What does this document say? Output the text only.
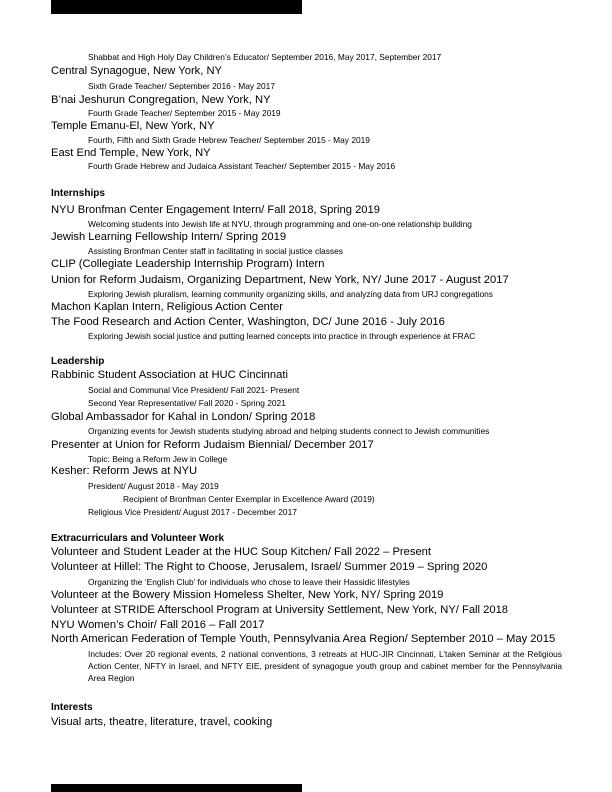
Shabbat and High Holy Day Children’s Educator/ September 2016, May 2017, September 2017
Central Synagogue, New York, NY
Sixth Grade Teacher/ September 2016 - May 2017
B’nai Jeshurun Congregation, New York, NY
Fourth Grade Teacher/ September 2015 - May 2019
Temple Emanu-El, New York, NY
Fourth, Fifth and Sixth Grade Hebrew Teacher/ September 2015 - May 2019
East End Temple, New York, NY
Fourth Grade Hebrew and Judaica Assistant Teacher/ September 2015 - May 2016
Internships
NYU Bronfman Center Engagement Intern/ Fall 2018, Spring 2019
Welcoming students into Jewish life at NYU, through programming and one-on-one relationship building
Jewish Learning Fellowship Intern/ Spring 2019
Assisting Bronfman Center staff in facilitating in social justice classes
CLIP (Collegiate Leadership Internship Program) Intern
Union for Reform Judaism, Organizing Department, New York, NY/ June 2017 - August 2017
Exploring Jewish pluralism, learning community organizing skills, and analyzing data from URJ congregations
Machon Kaplan Intern, Religious Action Center
The Food Research and Action Center, Washington, DC/ June 2016 - July 2016
Exploring Jewish social justice and putting learned concepts into practice in through experience at FRAC
Leadership
Rabbinic Student Association at HUC Cincinnati
Social and Communal Vice President/ Fall 2021- Present
Second Year Representative/ Fall 2020 - Spring 2021
Global Ambassador for Kahal in London/ Spring 2018
Organizing events for Jewish students studying abroad and helping students connect to Jewish communities
Presenter at Union for Reform Judaism Biennial/ December 2017
Topic: Being a Reform Jew in College
Kesher: Reform Jews at NYU
President/ August 2018 - May 2019
Recipient of Bronfman Center Exemplar in Excellence Award (2019)
Religious Vice President/ August 2017 - December 2017
Extracurriculars and Volunteer Work
Volunteer and Student Leader at the HUC Soup Kitchen/ Fall 2022 – Present
Volunteer at Hillel: The Right to Choose, Jerusalem, Israel/ Summer 2019 – Spring 2020
Organizing the ‘English Club’ for individuals who chose to leave their Hassidic lifestyles
Volunteer at the Bowery Mission Homeless Shelter, New York, NY/ Spring 2019
Volunteer at STRIDE Afterschool Program at University Settlement, New York, NY/ Fall 2018
NYU Women’s Choir/ Fall 2016 – Fall 2017
North American Federation of Temple Youth, Pennsylvania Area Region/ September 2010 – May 2015
Includes: Over 20 regional events, 2 national conventions, 3 retreats at HUC-JIR Cincinnati, L’taken Seminar at the Religious Action Center, NFTY in Israel, and NFTY EIE, president of synagogue youth group and cabinet member for the Pennsylvania Area Region
Interests
Visual arts, theatre, literature, travel, cooking
